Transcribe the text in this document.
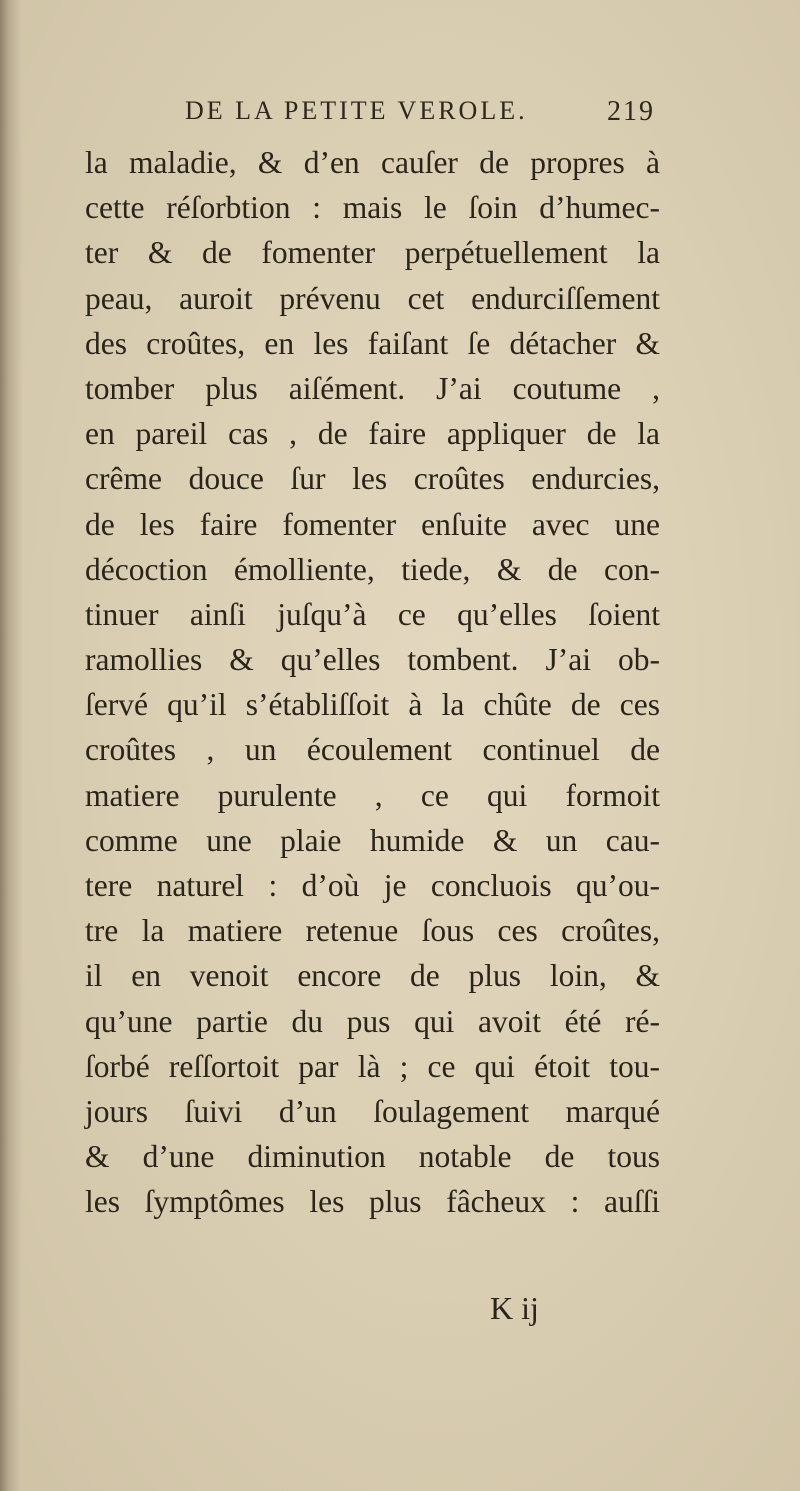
DE LA PETITE VEROLE.	219
la maladie, & d’en cauſer de propres à
cette réſorbtion : mais le ſoin d’humec-
ter & de fomenter perpétuellement la
peau, auroit prévenu cet endurciſſement
des croûtes, en les faiſant ſe détacher &
tomber plus aiſément. J’ai coutume ,
en pareil cas , de faire appliquer de la
crême douce ſur les croûtes endurcies,
de les faire fomenter enſuite avec une
décoction émolliente, tiede, & de con-
tinuer ainſi juſqu’à ce qu’elles ſoient
ramollies & qu’elles tombent. J’ai ob-
ſervé qu’il s’établiſſoit à la chûte de ces
croûtes , un écoulement continuel de
matiere purulente , ce qui formoit
comme une plaie humide & un cau-
tere naturel : d’où je concluois qu’ou-
tre la matiere retenue ſous ces croûtes,
il en venoit encore de plus loin, &
qu’une partie du pus qui avoit été ré-
ſorbé reſſortoit par là ; ce qui étoit tou-
jours ſuivi d’un ſoulagement marqué
& d’une diminution notable de tous
les ſymptômes les plus fâcheux : auſſi
K ij
